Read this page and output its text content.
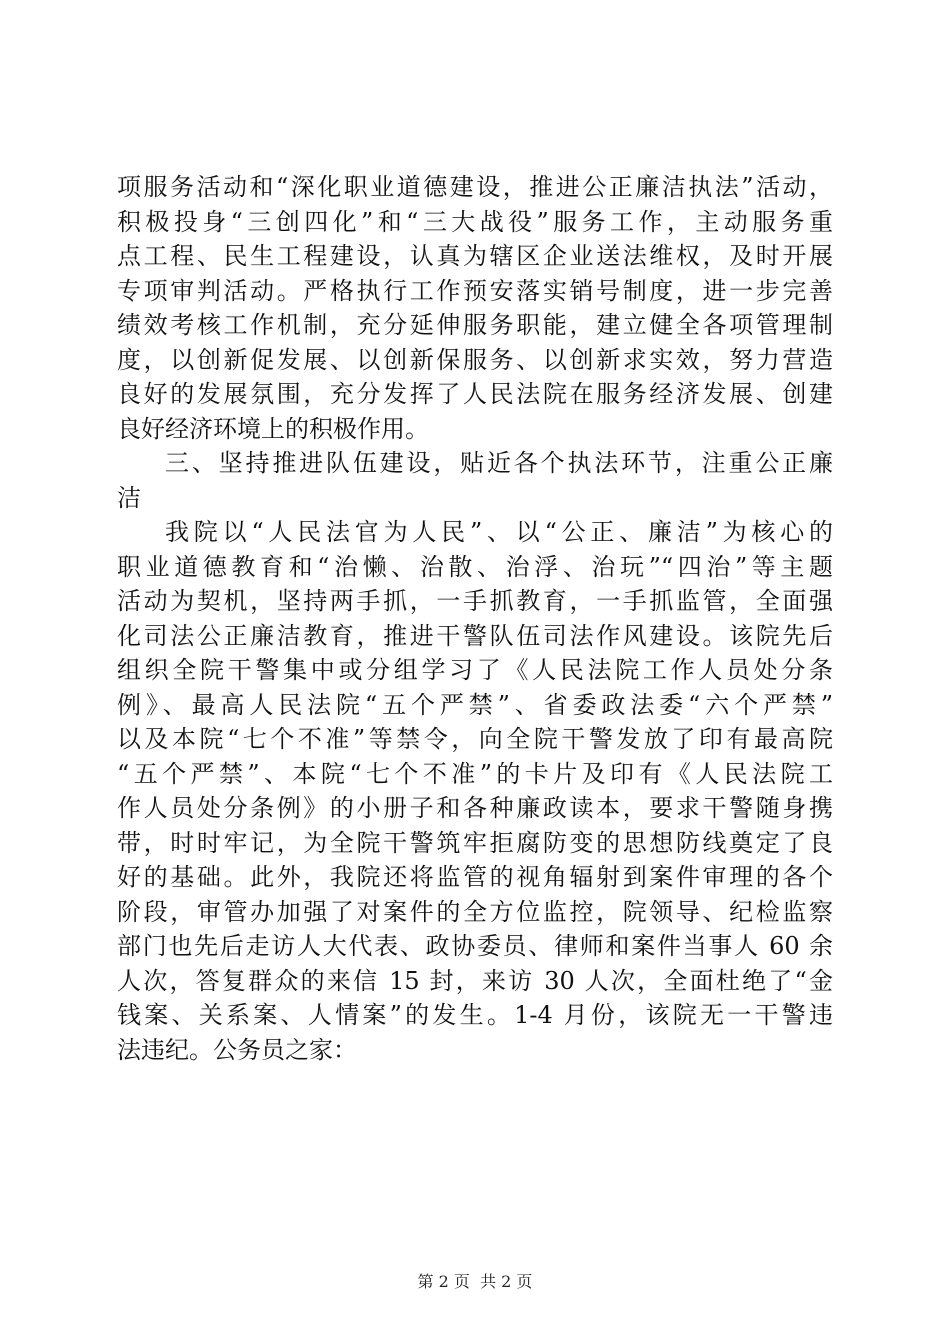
项服务活动和“深化职业道德建设，推进公正廉洁执法”活动，
积极投身“三创四化”和“三大战役”服务工作，主动服务重
点工程、民生工程建设，认真为辖区企业送法维权，及时开展
专项审判活动。严格执行工作预安落实销号制度，进一步完善
绩效考核工作机制，充分延伸服务职能，建立健全各项管理制
度，以创新促发展、以创新保服务、以创新求实效，努力营造
良好的发展氛围，充分发挥了人民法院在服务经济发展、创建
良好经济环境上的积极作用。
三、坚持推进队伍建设，贴近各个执法环节，注重公正廉
洁
我院以“人民法官为人民”、以“公正、廉洁”为核心的
职业道德教育和“治懒、治散、治浮、治玩”“四治”等主题
活动为契机，坚持两手抓，一手抓教育，一手抓监管，全面强
化司法公正廉洁教育，推进干警队伍司法作风建设。该院先后
组织全院干警集中或分组学习了《人民法院工作人员处分条
例》、最高人民法院“五个严禁”、省委政法委“六个严禁”
以及本院“七个不准”等禁令，向全院干警发放了印有最高院
“五个严禁”、本院“七个不准”的卡片及印有《人民法院工
作人员处分条例》的小册子和各种廉政读本，要求干警随身携
带，时时牢记，为全院干警筑牢拒腐防变的思想防线奠定了良
好的基础。此外，我院还将监管的视角辐射到案件审理的各个
阶段，审管办加强了对案件的全方位监控，院领导、纪检监察
部门也先后走访人大代表、政协委员、律师和案件当事人 60 余
人次，答复群众的来信 15 封，来访 30 人次，全面杜绝了“金
钱案、关系案、人情案”的发生。1-4 月份，该院无一干警违
法违纪。公务员之家：
第 2 页  共 2 页
